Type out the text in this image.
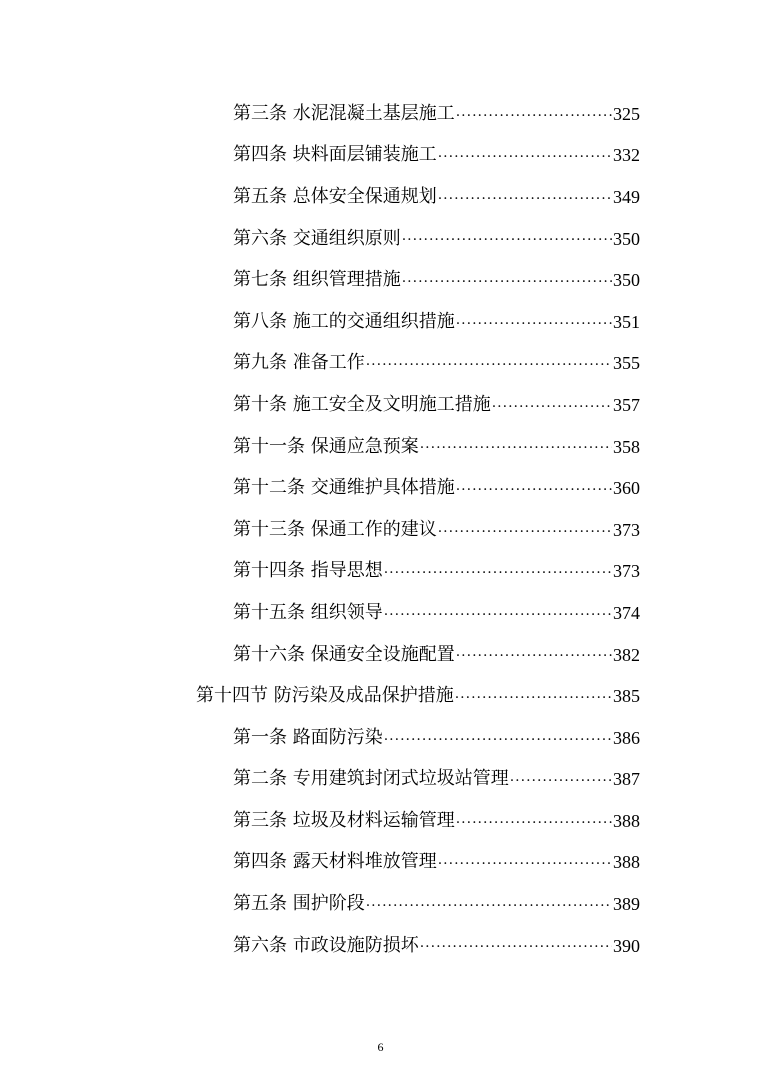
第三条 水泥混凝土基层施工 .....	325
第四条 块料面层铺装施工 .....	332
第五条 总体安全保通规划 .....	349
第六条 交通组织原则 .....	350
第七条 组织管理措施 .....	350
第八条 施工的交通组织措施 .....	351
第九条 准备工作 .....	355
第十条 施工安全及文明施工措施 .....	357
第十一条 保通应急预案 .....	358
第十二条 交通维护具体措施 .....	360
第十三条 保通工作的建议 .....	373
第十四条 指导思想 .....	373
第十五条 组织领导 .....	374
第十六条 保通安全设施配置 .....	382
第十四节 防污染及成品保护措施 .....	385
第一条 路面防污染 .....	386
第二条 专用建筑封闭式垃圾站管理 .....	387
第三条 垃圾及材料运输管理 .....	388
第四条 露天材料堆放管理 .....	388
第五条 围护阶段 .....	389
第六条 市政设施防损坏 .....	390
6
